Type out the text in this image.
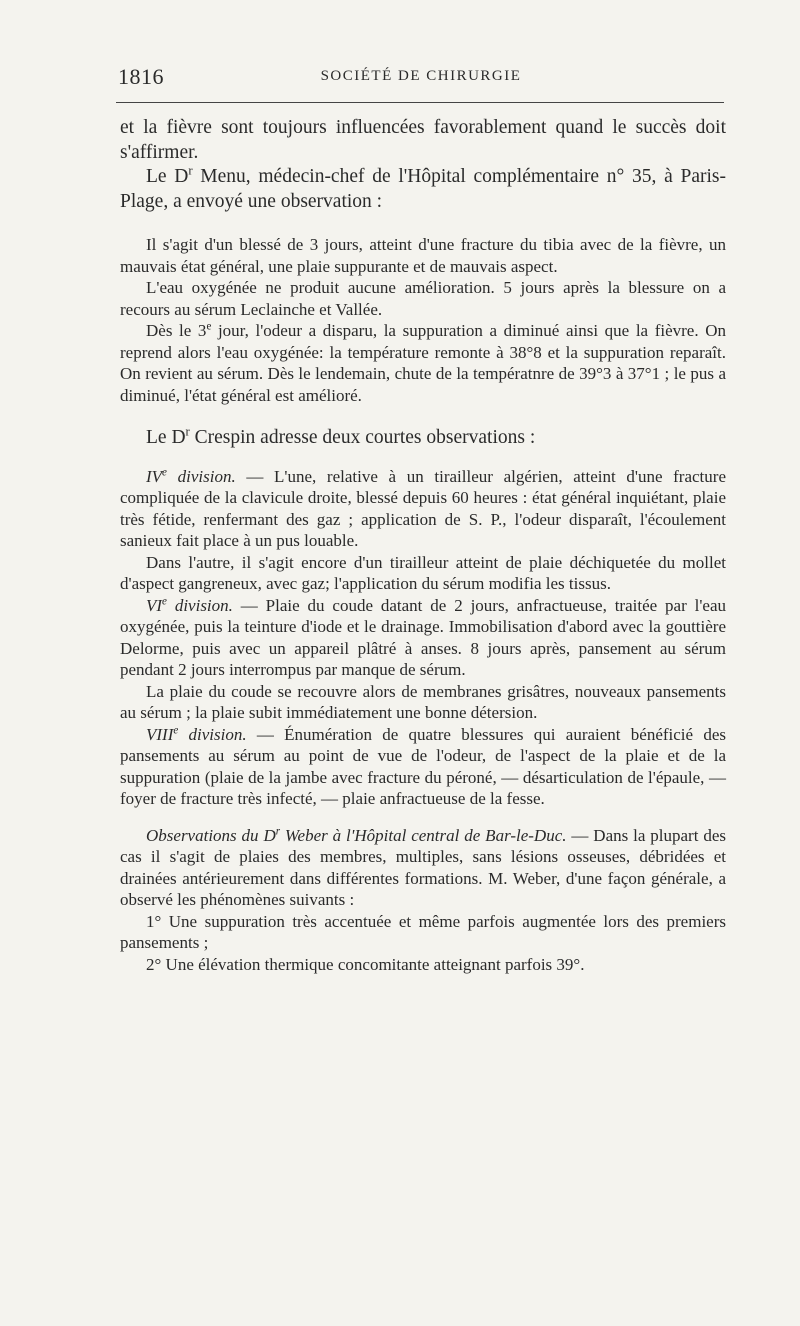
1816	SOCIÉTÉ DE CHIRURGIE

et la fièvre sont toujours influencées favorablement quand le succès doit s'affirmer.

Le $D^r$ Menu, médecin-chef de l'Hôpital complémentaire n° 35, à Paris-Plage, a envoyé une observation :

Il s'agit d'un blessé de 3 jours, atteint d'une fracture du tibia avec de la fièvre, un mauvais état général, une plaie suppurante et de mauvais aspect.

L'eau oxygénée ne produit aucune amélioration. 5 jours après la blessure on a recours au sérum Leclainche et Vallée.

Dès le 3e jour, l'odeur a disparu, la suppuration a diminué ainsi que la fièvre. On reprend alors l'eau oxygénée: la température remonte à 38°8 et la suppuration reparaît. On revient au sérum. Dès le lendemain, chute de la températnre de 39°3 à 37°1 ; le pus a diminué, l'état général est amélioré.

Le $D^r$ Crespin adresse deux courtes observations :

IVe division. — L'une, relative à un tirailleur algérien, atteint d'une fracture compliquée de la clavicule droite, blessé depuis 60 heures : état général inquiétant, plaie très fétide, renfermant des gaz ; application de S. P., l'odeur disparaît, l'écoulement sanieux fait place à un pus louable.

Dans l'autre, il s'agit encore d'un tirailleur atteint de plaie déchiquetée du mollet d'aspect gangreneux, avec gaz; l'application du sérum modifia les tissus.

VIe division. — Plaie du coude datant de 2 jours, anfractueuse, traitée par l'eau oxygénée, puis la teinture d'iode et le drainage. Immobilisation d'abord avec la gouttière Delorme, puis avec un appareil plâtré à anses. 8 jours après, pansement au sérum pendant 2 jours interrompus par manque de sérum.

La plaie du coude se recouvre alors de membranes grisâtres, nouveaux pansements au sérum ; la plaie subit immédiatement une bonne détersion.

VIIIe division. — Énumération de quatre blessures qui auraient bénéficié des pansements au sérum au point de vue de l'odeur, de l'aspect de la plaie et de la suppuration (plaie de la jambe avec fracture du péroné, — désarticulation de l'épaule, — foyer de fracture très infecté, — plaie anfractueuse de la fesse.

Observations du $D^r$ Weber à l'Hôpital central de Bar-le-Duc. — Dans la plupart des cas il s'agit de plaies des membres, multiples, sans lésions osseuses, débridées et drainées antérieurement dans différentes formations. M. Weber, d'une façon générale, a observé les phénomènes suivants :

1° Une suppuration très accentuée et même parfois augmentée lors des premiers pansements ;

2° Une élévation thermique concomitante atteignant parfois 39°.
